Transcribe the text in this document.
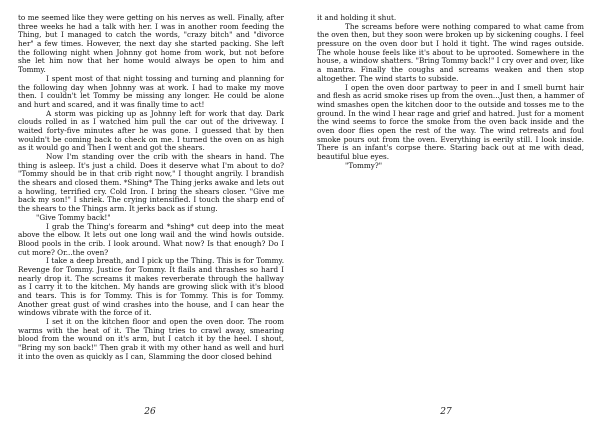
to me seemed like they were getting on his nerves as well. Finally, after three weeks he had a talk with her. I was in another room feeding the Thing, but I managed to catch the words, "crazy bitch" and "divorce her" a few times. However, the next day she started packing. She left the following night when Johnny got home from work, but not before she let him now that her home would always be open to him and Tommy.

I spent most of that night tossing and turning and planning for the following day when Johnny was at work. I had to make my move then. I couldn't let Tommy be missing any longer. He could be alone and hurt and scared, and it was finally time to act!

A storm was picking up as Johnny left for work that day. Dark clouds rolled in as I watched him pull the car out of the driveway. I waited forty-five minutes after he was gone. I guessed that by then wouldn't be coming back to check on me. I turned the oven on as high as it would go and Then I went and got the shears.

Now I'm standing over the crib with the shears in hand. The thing is asleep. It's just a child. Does it deserve what I'm about to do? "Tommy should be in that crib right now," I thought angrily. I brandish the shears and closed them. *Shing* The Thing jerks awake and lets out a howling, terrified cry. Cold Iron. I bring the shears closer. "Give me back my son!" I shriek. The crying intensified. I touch the sharp end of the shears to the Things arm. It jerks back as if stung.

"Give Tommy back!"

I grab the Thing's forearm and *shing* cut deep into the meat above the elbow. It lets out one long wail and the wind howls outside. Blood pools in the crib. I look around. What now? Is that enough? Do I cut more? Or...the oven?

I take a deep breath, and I pick up the Thing. This is for Tommy. Revenge for Tommy. Justice for Tommy. It flails and thrashes so hard I nearly drop it. The screams it makes reverberate through the hallway as I carry it to the kitchen. My hands are growing slick with it's blood and tears. This is for Tommy. This is for Tommy. This is for Tommy. Another great gust of wind crashes into the house, and I can hear the windows vibrate with the force of it.

I set it on the kitchen floor and open the oven door. The room warms with the heat of it. The Thing tries to crawl away, smearing blood from the wound on it's arm, but I catch it by the heel. I shout, "Bring my son back!" Then grab it with my other hand as well and hurl it into the oven as quickly as I can, Slamming the door closed behind

26

it and holding it shut.

The screams before were nothing compared to what came from the oven then, but they soon were broken up by sickening coughs. I feel pressure on the oven door but I hold it tight. The wind rages outside. The whole house feels like it's about to be uprooted. Somewhere in the house, a window shatters. "Bring Tommy back!" I cry over and over, like a mantra. Finally the coughs and screams weaken and then stop altogether. The wind starts to subside.

I open the oven door partway to peer in and I smell burnt hair and flesh as acrid smoke rises up from the oven...Just then, a hammer of wind smashes open the kitchen door to the outside and tosses me to the ground. In the wind I hear rage and grief and hatred. Just for a moment the wind seems to force the smoke from the oven back inside and the oven door flies open the rest of the way. The wind retreats and foul smoke pours out from the oven. Everything is eerily still. I look inside. There is an infant's corpse there. Staring back out at me with dead, beautiful blue eyes.

"Tommy?"

27
